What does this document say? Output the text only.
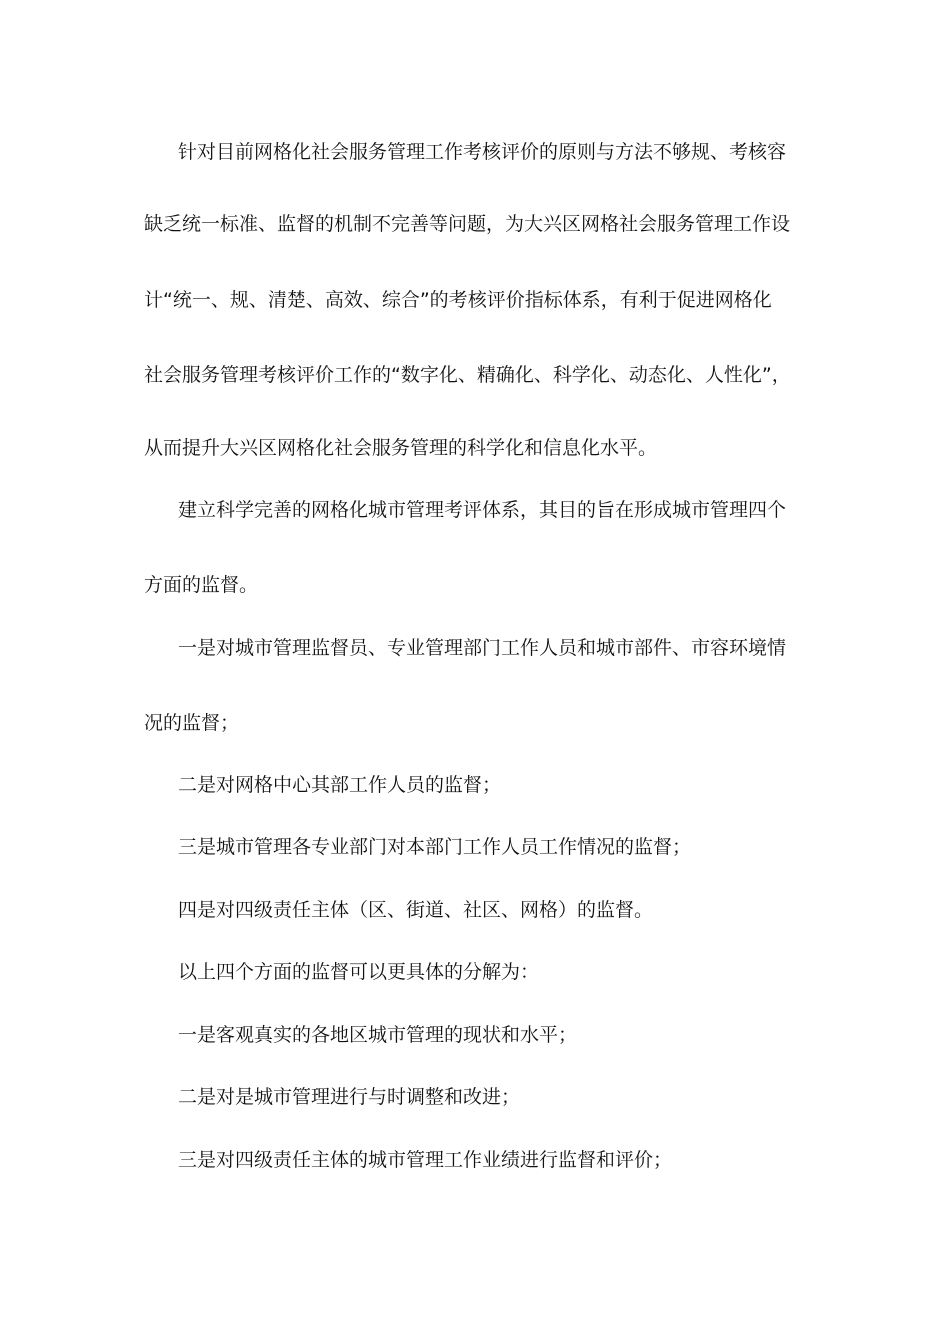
针对目前网格化社会服务管理工作考核评价的原则与方法不够规、考核容
缺乏统一标准、监督的机制不完善等问题，为大兴区网格社会服务管理工作设
计“统一、规、清楚、高效、综合”的考核评价指标体系，有利于促进网格化
社会服务管理考核评价工作的“数字化、精确化、科学化、动态化、人性化”，
从而提升大兴区网格化社会服务管理的科学化和信息化水平。
建立科学完善的网格化城市管理考评体系，其目的旨在形成城市管理四个
方面的监督。
一是对城市管理监督员、专业管理部门工作人员和城市部件、市容环境情
况的监督；
二是对网格中心其部工作人员的监督；
三是城市管理各专业部门对本部门工作人员工作情况的监督；
四是对四级责任主体（区、街道、社区、网格）的监督。
以上四个方面的监督可以更具体的分解为：
一是客观真实的各地区城市管理的现状和水平；
二是对是城市管理进行与时调整和改进；
三是对四级责任主体的城市管理工作业绩进行监督和评价；
